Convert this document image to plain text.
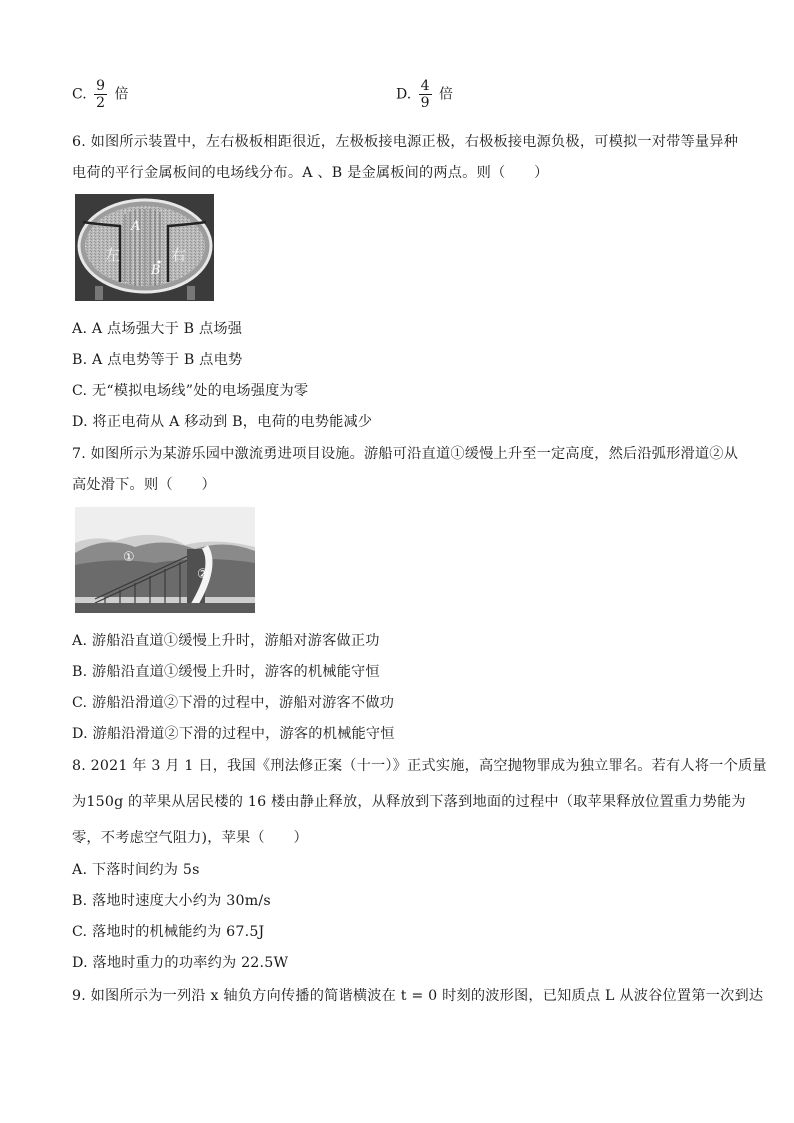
C. $\frac{9}{2}$ 倍	D. $\frac{4}{9}$ 倍
6. 如图所示装置中，左右极板相距很近，左极板接电源正极，右极板接电源负极，可模拟一对带等量异种
电荷的平行金属板间的电场线分布。A 、B 是金属板间的两点。则（　　）
左	右
A
B
A. A 点场强大于 B 点场强
B. A 点电势等于 B 点电势
C. 无“模拟电场线”处的电场强度为零
D. 将正电荷从 A 移动到 B，电荷的电势能减少
7. 如图所示为某游乐园中激流勇进项目设施。游船可沿直道①缓慢上升至一定高度，然后沿弧形滑道②从
高处滑下。则（　　）
①
②
A. 游船沿直道①缓慢上升时，游船对游客做正功
B. 游船沿直道①缓慢上升时，游客的机械能守恒
C. 游船沿滑道②下滑的过程中，游船对游客不做功
D. 游船沿滑道②下滑的过程中，游客的机械能守恒
8. 2021 年 3 月 1 日，我国《刑法修正案（十一）》正式实施，高空抛物罪成为独立罪名。若有人将一个质量
为150g 的苹果从居民楼的 16 楼由静止释放，从释放到下落到地面的过程中（取苹果释放位置重力势能为
零，不考虑空气阻力)，苹果（　　）
A. 下落时间约为 5s
B. 落地时速度大小约为 30m/s
C. 落地时的机械能约为 67.5J
D. 落地时重力的功率约为 22.5W
9. 如图所示为一列沿 x 轴负方向传播的简谐横波在 t = 0 时刻的波形图，已知质点 L 从波谷位置第一次到达
